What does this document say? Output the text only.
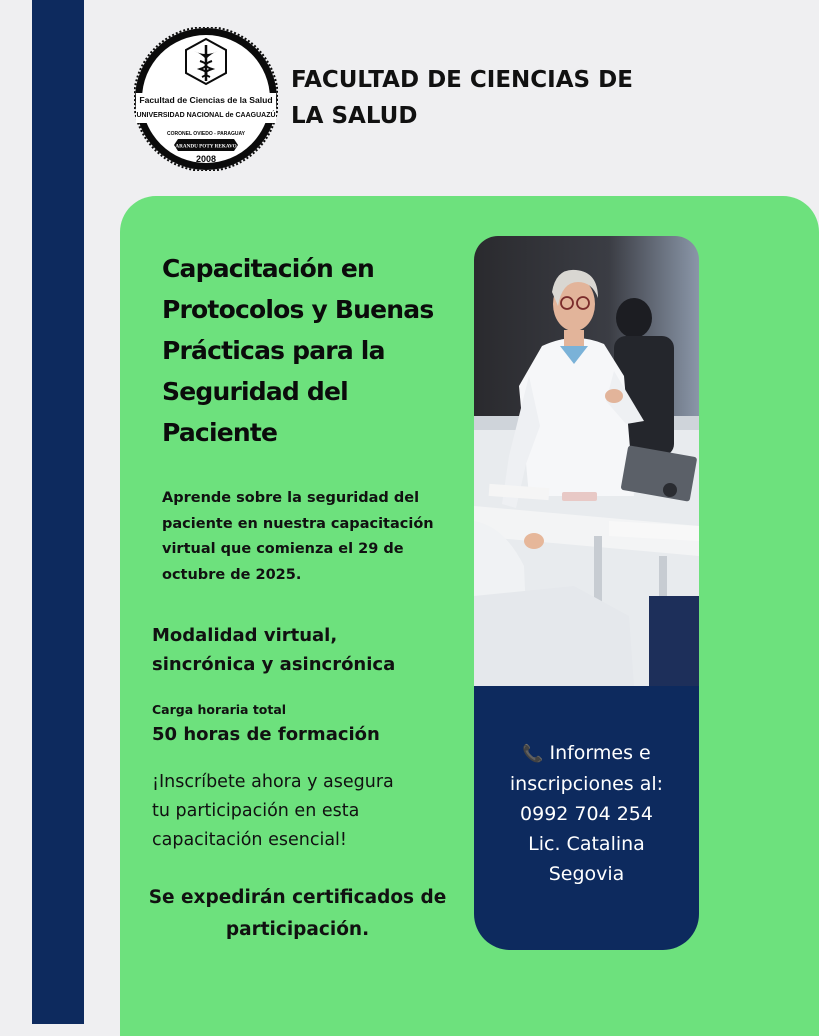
Facultad de Ciencias de la Salud
UNIVERSIDAD NACIONAL de CAAGUAZÚ
CORONEL OVIEDO - PARAGUAY
ARANDU POTY REKAVO
2008
FACULTAD DE CIENCIAS DE
LA SALUD
Capacitación en
Protocolos y Buenas
Prácticas para la
Seguridad del
Paciente
Aprende sobre la seguridad del
paciente en nuestra capacitación
virtual que comienza el 29 de
octubre de 2025.
Modalidad virtual,
sincrónica y asincrónica
Carga horaria total
50 horas de formación
¡Inscríbete ahora y asegura
tu participación en esta
capacitación esencial!
Se expedirán certificados de
participación.
📞 Informes e
inscripciones al:
0992 704 254
Lic. Catalina
Segovia
